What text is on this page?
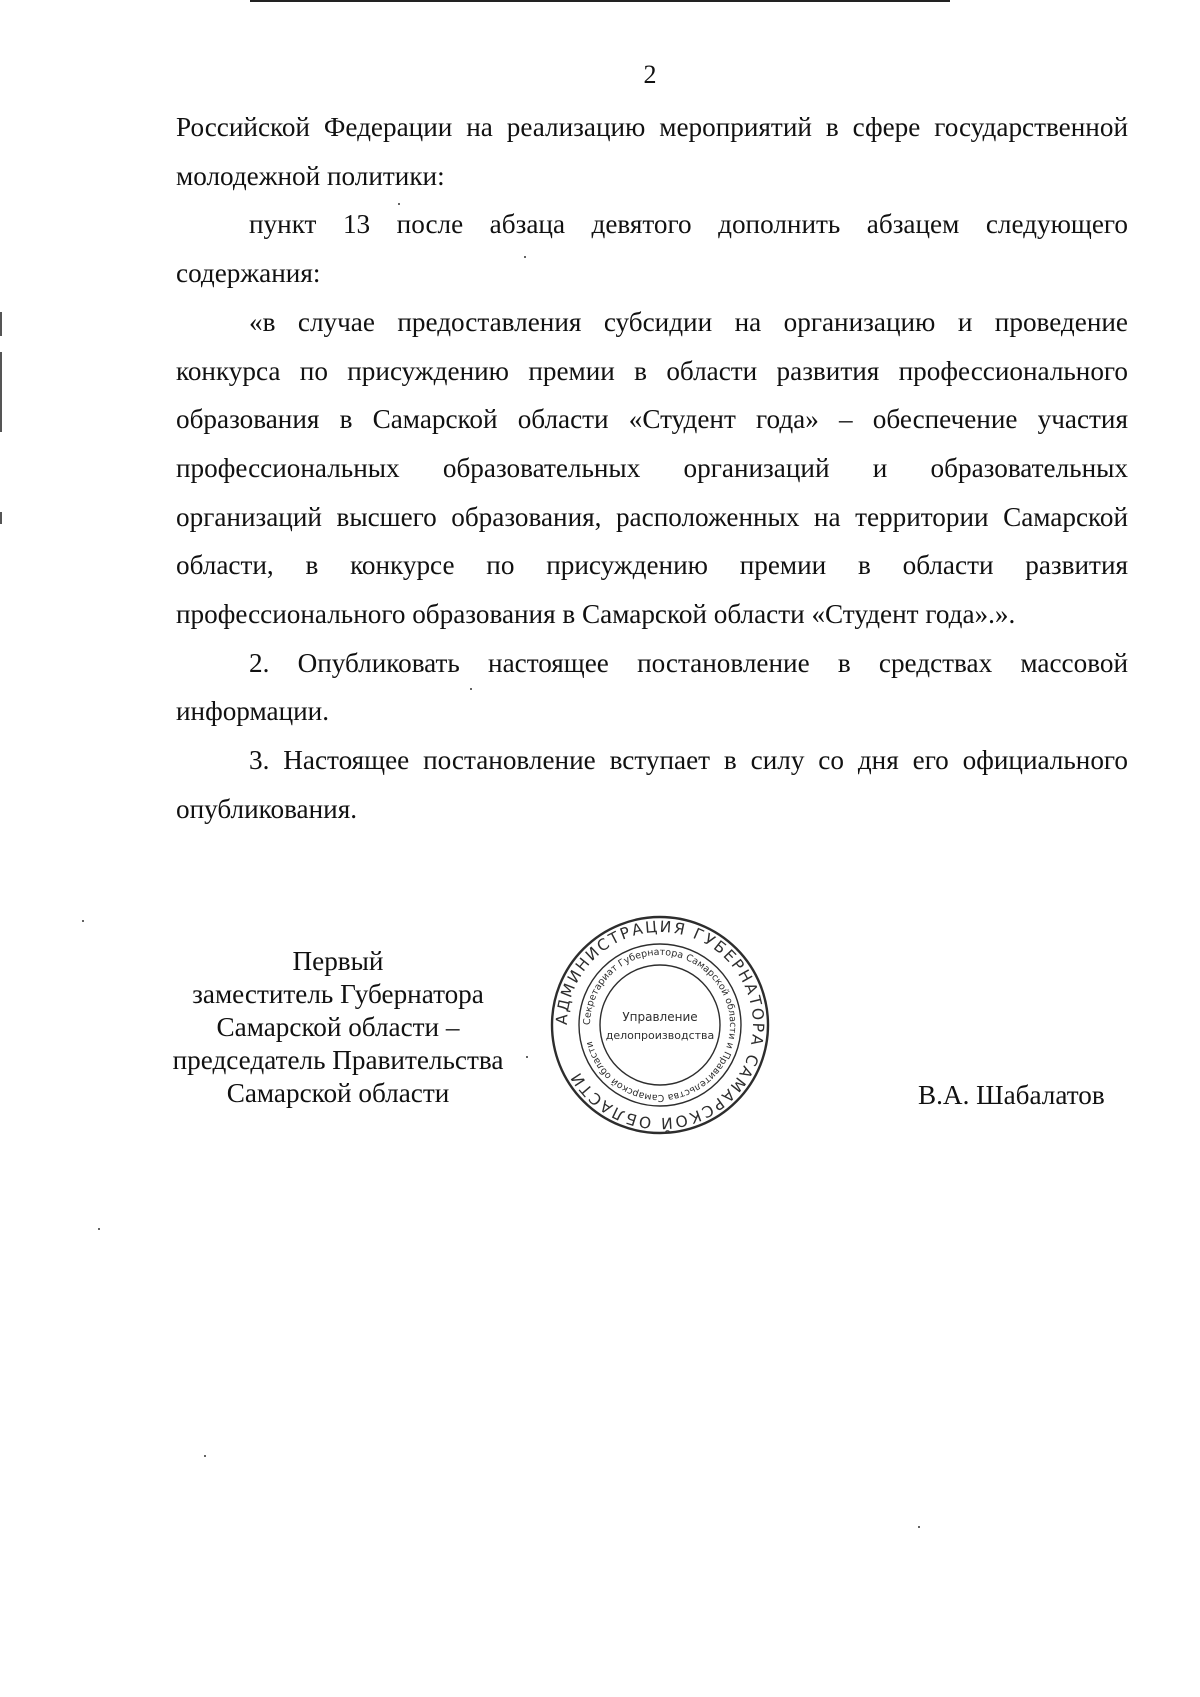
2

Российской Федерации на реализацию мероприятий в сфере государственной молодежной политики:

пункт 13 после абзаца девятого дополнить абзацем следующего содержания:

«в случае предоставления субсидии на организацию и проведение конкурса по присуждению премии в области развития профессионального образования в Самарской области «Студент года» – обеспечение участия профессиональных образовательных организаций и образовательных организаций высшего образования, расположенных на территории Самарской области, в конкурсе по присуждению премии в области развития профессионального образования в Самарской области «Студент года».».

2. Опубликовать настоящее постановление в средствах массовой информации.

3. Настоящее постановление вступает в силу со дня его официального опубликования.

Первый
заместитель Губернатора
Самарской области –
председатель Правительства
Самарской области
АДМИНИСТРАЦИЯ ГУБЕРНАТОРА САМАРСКОЙ ОБЛАСТИ
Секретариат Губернатора Самарской области и Правительства Самарской области
Управление
делопроизводства
В.А. Шабалатов
